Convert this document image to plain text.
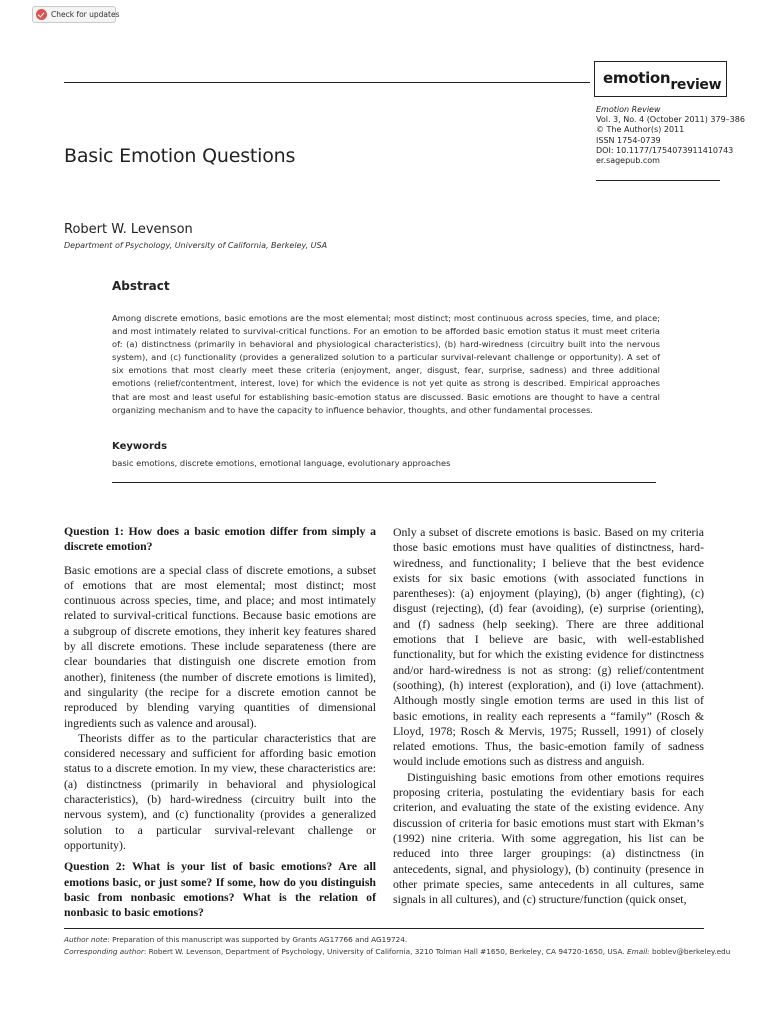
Check for updates
emotion review
Emotion Review
Vol. 3, No. 4 (October 2011) 379–386
© The Author(s) 2011
ISSN 1754-0739
DOI: 10.1177/1754073911410743
er.sagepub.com
Basic Emotion Questions
Robert W. Levenson
Department of Psychology, University of California, Berkeley, USA
Abstract
Among discrete emotions, basic emotions are the most elemental; most distinct; most continuous across species, time, and place; and most intimately related to survival-critical functions. For an emotion to be afforded basic emotion status it must meet criteria of: (a) distinctness (primarily in behavioral and physiological characteristics), (b) hard-wiredness (circuitry built into the nervous system), and (c) functionality (provides a generalized solution to a particular survival-relevant challenge or opportunity). A set of six emotions that most clearly meet these criteria (enjoyment, anger, disgust, fear, surprise, sadness) and three additional emotions (relief/contentment, interest, love) for which the evidence is not yet quite as strong is described. Empirical approaches that are most and least useful for establishing basic-emotion status are discussed. Basic emotions are thought to have a central organizing mechanism and to have the capacity to influence behavior, thoughts, and other fundamental processes.
Keywords
basic emotions, discrete emotions, emotional language, evolutionary approaches
Question 1: How does a basic emotion differ from simply a discrete emotion?

Basic emotions are a special class of discrete emotions, a subset of emotions that are most elemental; most distinct; most continuous across species, time, and place; and most intimately related to survival-critical functions. Because basic emotions are a subgroup of discrete emotions, they inherit key features shared by all discrete emotions. These include separateness (there are clear boundaries that distinguish one discrete emotion from another), finiteness (the number of discrete emotions is limited), and singularity (the recipe for a discrete emotion cannot be reproduced by blending varying quantities of dimensional ingredients such as valence and arousal).

Theorists differ as to the particular characteristics that are considered necessary and sufficient for affording basic emotion status to a discrete emotion. In my view, these characteristics are: (a) distinctness (primarily in behavioral and physiological characteristics), (b) hard-wiredness (circuitry built into the nervous system), and (c) functionality (provides a generalized solution to a particular survival-relevant challenge or opportunity).

Question 2: What is your list of basic emotions? Are all emotions basic, or just some? If some, how do you distinguish basic from nonbasic emotions? What is the relation of nonbasic to basic emotions?

Only a subset of discrete emotions is basic. Based on my criteria those basic emotions must have qualities of distinctness, hard-wiredness, and functionality; I believe that the best evidence exists for six basic emotions (with associated functions in parentheses): (a) enjoyment (playing), (b) anger (fighting), (c) disgust (rejecting), (d) fear (avoiding), (e) surprise (orienting), and (f) sadness (help seeking). There are three additional emotions that I believe are basic, with well-established functionality, but for which the existing evidence for distinctness and/or hard-wiredness is not as strong: (g) relief/contentment (soothing), (h) interest (exploration), and (i) love (attachment). Although mostly single emotion terms are used in this list of basic emotions, in reality each represents a “family” (Rosch & Lloyd, 1978; Rosch & Mervis, 1975; Russell, 1991) of closely related emotions. Thus, the basic-emotion family of sadness would include emotions such as distress and anguish.

Distinguishing basic emotions from other emotions requires proposing criteria, postulating the evidentiary basis for each criterion, and evaluating the state of the existing evidence. Any discussion of criteria for basic emotions must start with Ekman’s (1992) nine criteria. With some aggregation, his list can be reduced into three larger groupings: (a) distinctness (in antecedents, signal, and physiology), (b) continuity (presence in other primate species, same antecedents in all cultures, same signals in all cultures), and (c) structure/function (quick onset,

Author note: Preparation of this manuscript was supported by Grants AG17766 and AG19724.
Corresponding author: Robert W. Levenson, Department of Psychology, University of California, 3210 Tolman Hall #1650, Berkeley, CA 94720-1650, USA. Email: boblev@berkeley.edu
